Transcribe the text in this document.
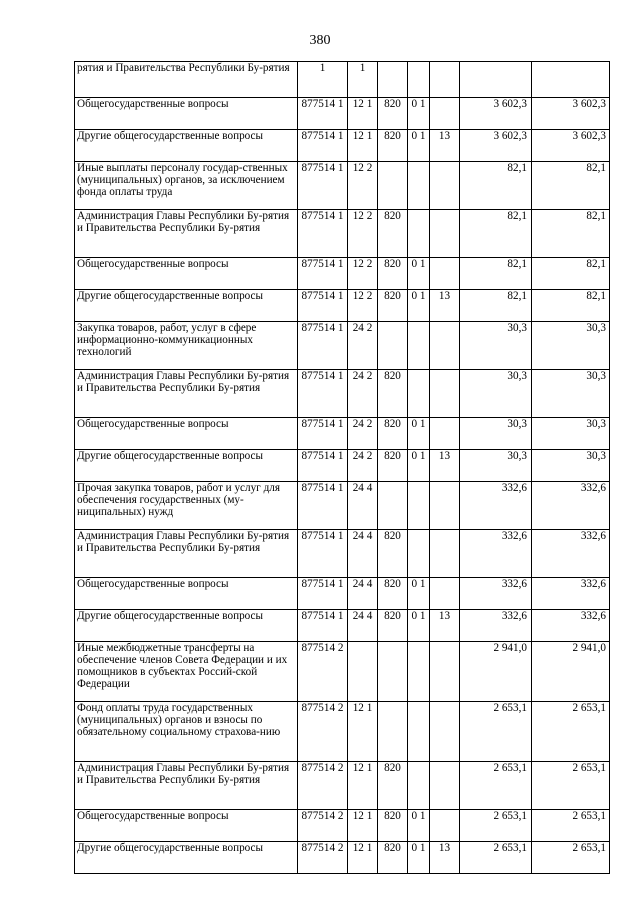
380
рятия и Правительства Республики Бу-рятия	1	1					
Общегосударственные вопросы	877514 1	12 1	820	0 1		3 602,3	3 602,3
Другие общегосударственные вопросы	877514 1	12 1	820	0 1	13	3 602,3	3 602,3
Иные выплаты персоналу государ-ственных (муниципальных) органов, за исключением фонда оплаты труда	877514 1	12 2				82,1	82,1
Администрация Главы Республики Бу-рятия и Правительства Республики Бу-рятия	877514 1	12 2	820			82,1	82,1
Общегосударственные вопросы	877514 1	12 2	820	0 1		82,1	82,1
Другие общегосударственные вопросы	877514 1	12 2	820	0 1	13	82,1	82,1
Закупка товаров, работ, услуг в сфере информационно-коммуникационных технологий	877514 1	24 2				30,3	30,3
Администрация Главы Республики Бу-рятия и Правительства Республики Бу-рятия	877514 1	24 2	820			30,3	30,3
Общегосударственные вопросы	877514 1	24 2	820	0 1		30,3	30,3
Другие общегосударственные вопросы	877514 1	24 2	820	0 1	13	30,3	30,3
Прочая закупка товаров, работ и услуг для обеспечения государственных (му-ниципальных) нужд	877514 1	24 4				332,6	332,6
Администрация Главы Республики Бу-рятия и Правительства Республики Бу-рятия	877514 1	24 4	820			332,6	332,6
Общегосударственные вопросы	877514 1	24 4	820	0 1		332,6	332,6
Другие общегосударственные вопросы	877514 1	24 4	820	0 1	13	332,6	332,6
Иные межбюджетные трансферты на обеспечение членов Совета Федерации и их помощников в субъектах Россий-ской Федерации	877514 2					2 941,0	2 941,0
Фонд оплаты труда государственных (муниципальных) органов и взносы по обязательному социальному страхова-нию	877514 2	12 1				2 653,1	2 653,1
Администрация Главы Республики Бу-рятия и Правительства Республики Бу-рятия	877514 2	12 1	820			2 653,1	2 653,1
Общегосударственные вопросы	877514 2	12 1	820	0 1		2 653,1	2 653,1
Другие общегосударственные вопросы	877514 2	12 1	820	0 1	13	2 653,1	2 653,1
